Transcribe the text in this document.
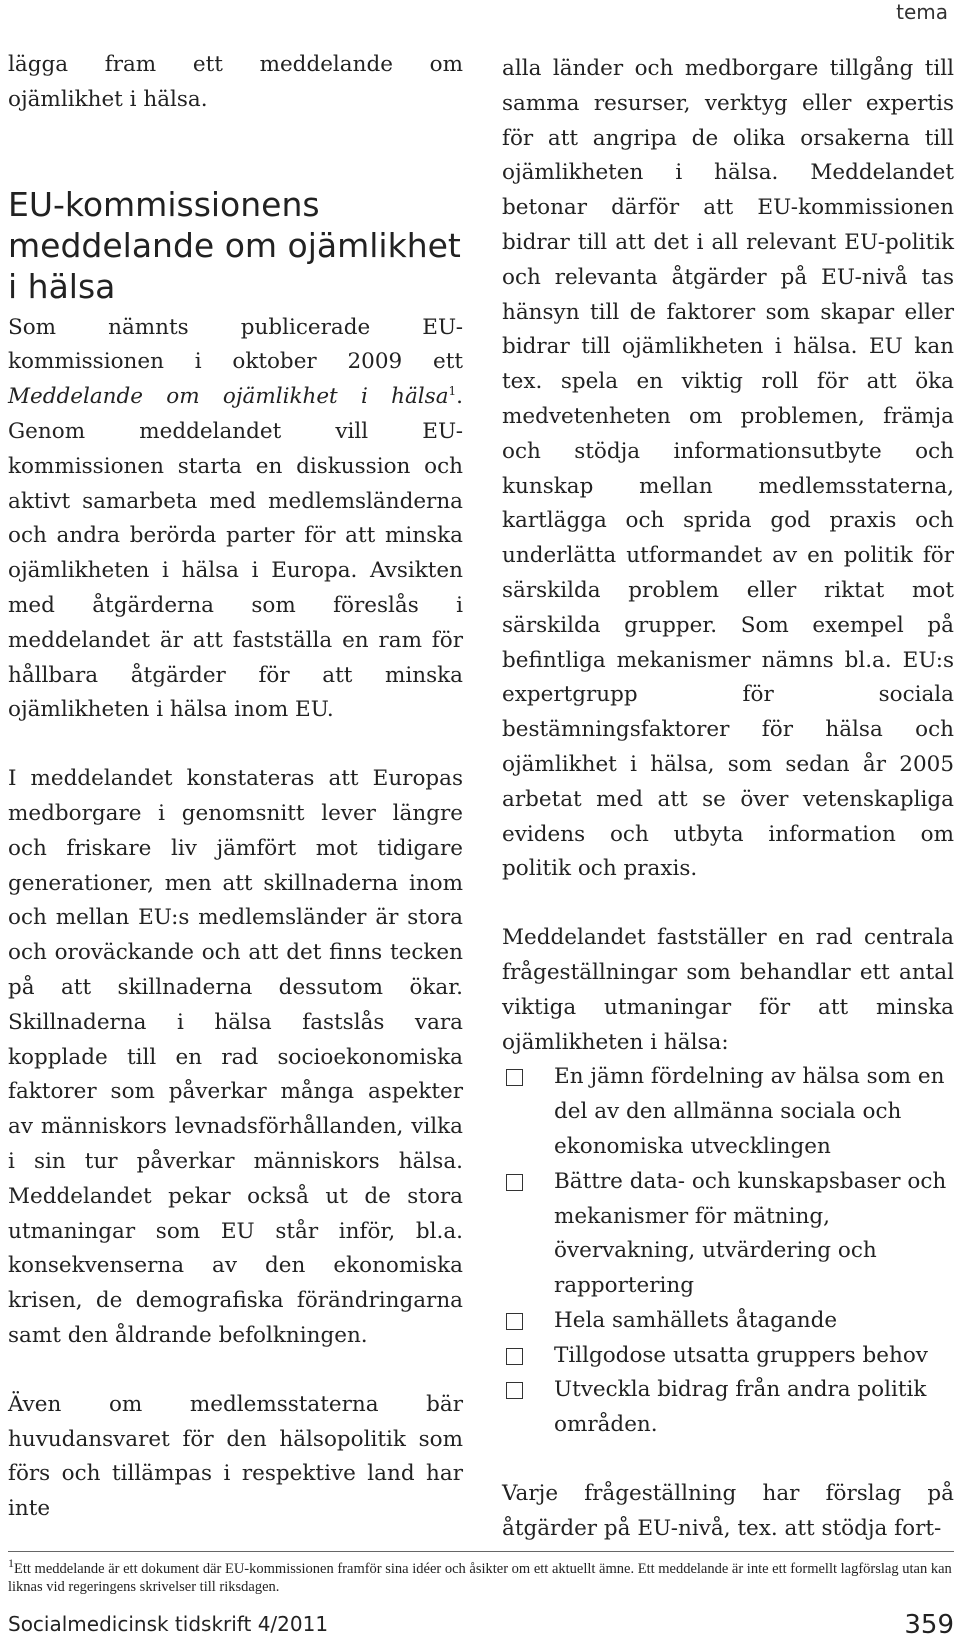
tema

lägga fram ett meddelande om ojämlikhet i hälsa.

EU-kommissionens meddelande om ojämlikhet i hälsa

Som nämnts publicerade EU-kommissionen i oktober 2009 ett Meddelande om ojämlikhet i hälsa$^1$. Genom meddelandet vill EU-kommissionen starta en diskussion och aktivt samarbeta med medlemsländerna och andra berörda parter för att minska ojämlikheten i hälsa i Europa. Avsikten med åtgärderna som föreslås i meddelandet är att fastställa en ram för hållbara åtgärder för att minska ojämlikheten i hälsa inom EU.

I meddelandet konstateras att Europas medborgare i genomsnitt lever längre och friskare liv jämfört mot tidigare generationer, men att skillnaderna inom och mellan EU:s medlemsländer är stora och oroväckande och att det finns tecken på att skillnaderna dessutom ökar. Skillnaderna i hälsa fastslås vara kopplade till en rad socioekonomiska faktorer som påverkar många aspekter av människors levnadsförhållanden, vilka i sin tur påverkar människors hälsa. Meddelandet pekar också ut de stora utmaningar som EU står inför, bl.a. konsekvenserna av den ekonomiska krisen, de demografiska förändringarna samt den åldrande befolkningen.

Även om medlemsstaterna bär huvudansvaret för den hälsopolitik som förs och tillämpas i respektive land har inte

alla länder och medborgare tillgång till samma resurser, verktyg eller expertis för att angripa de olika orsakerna till ojämlikheten i hälsa. Meddelandet betonar därför att EU-kommissionen bidrar till att det i all relevant EU-politik och relevanta åtgärder på EU-nivå tas hänsyn till de faktorer som skapar eller bidrar till ojämlikheten i hälsa. EU kan tex. spela en viktig roll för att öka medvetenheten om problemen, främja och stödja informationsutbyte och kunskap mellan medlemsstaterna, kartlägga och sprida god praxis och underlätta utformandet av en politik för särskilda problem eller riktat mot särskilda grupper. Som exempel på befintliga mekanismer nämns bl.a. EU:s expertgrupp för sociala bestämningsfaktorer för hälsa och ojämlikhet i hälsa, som sedan år 2005 arbetat med att se över vetenskapliga evidens och utbyta information om politik och praxis.

Meddelandet fastställer en rad centrala frågeställningar som behandlar ett antal viktiga utmaningar för att minska ojämlikheten i hälsa:

En jämn fördelning av hälsa som en del av den allmänna sociala och ekonomiska utvecklingen
Bättre data- och kunskapsbaser och mekanismer för mätning, övervakning, utvärdering och rapportering
Hela samhällets åtagande
Tillgodose utsatta gruppers behov
Utveckla bidrag från andra politik områden.

Varje frågeställning har förslag på åtgärder på EU-nivå, tex. att stödja fort-

$^1$Ett meddelande är ett dokument där EU-kommissionen framför sina idéer och åsikter om ett aktuellt ämne. Ett meddelande är inte ett formellt lagförslag utan kan liknas vid regeringens skrivelser till riksdagen.
Socialmedicinsk tidskrift 4/2011	359
